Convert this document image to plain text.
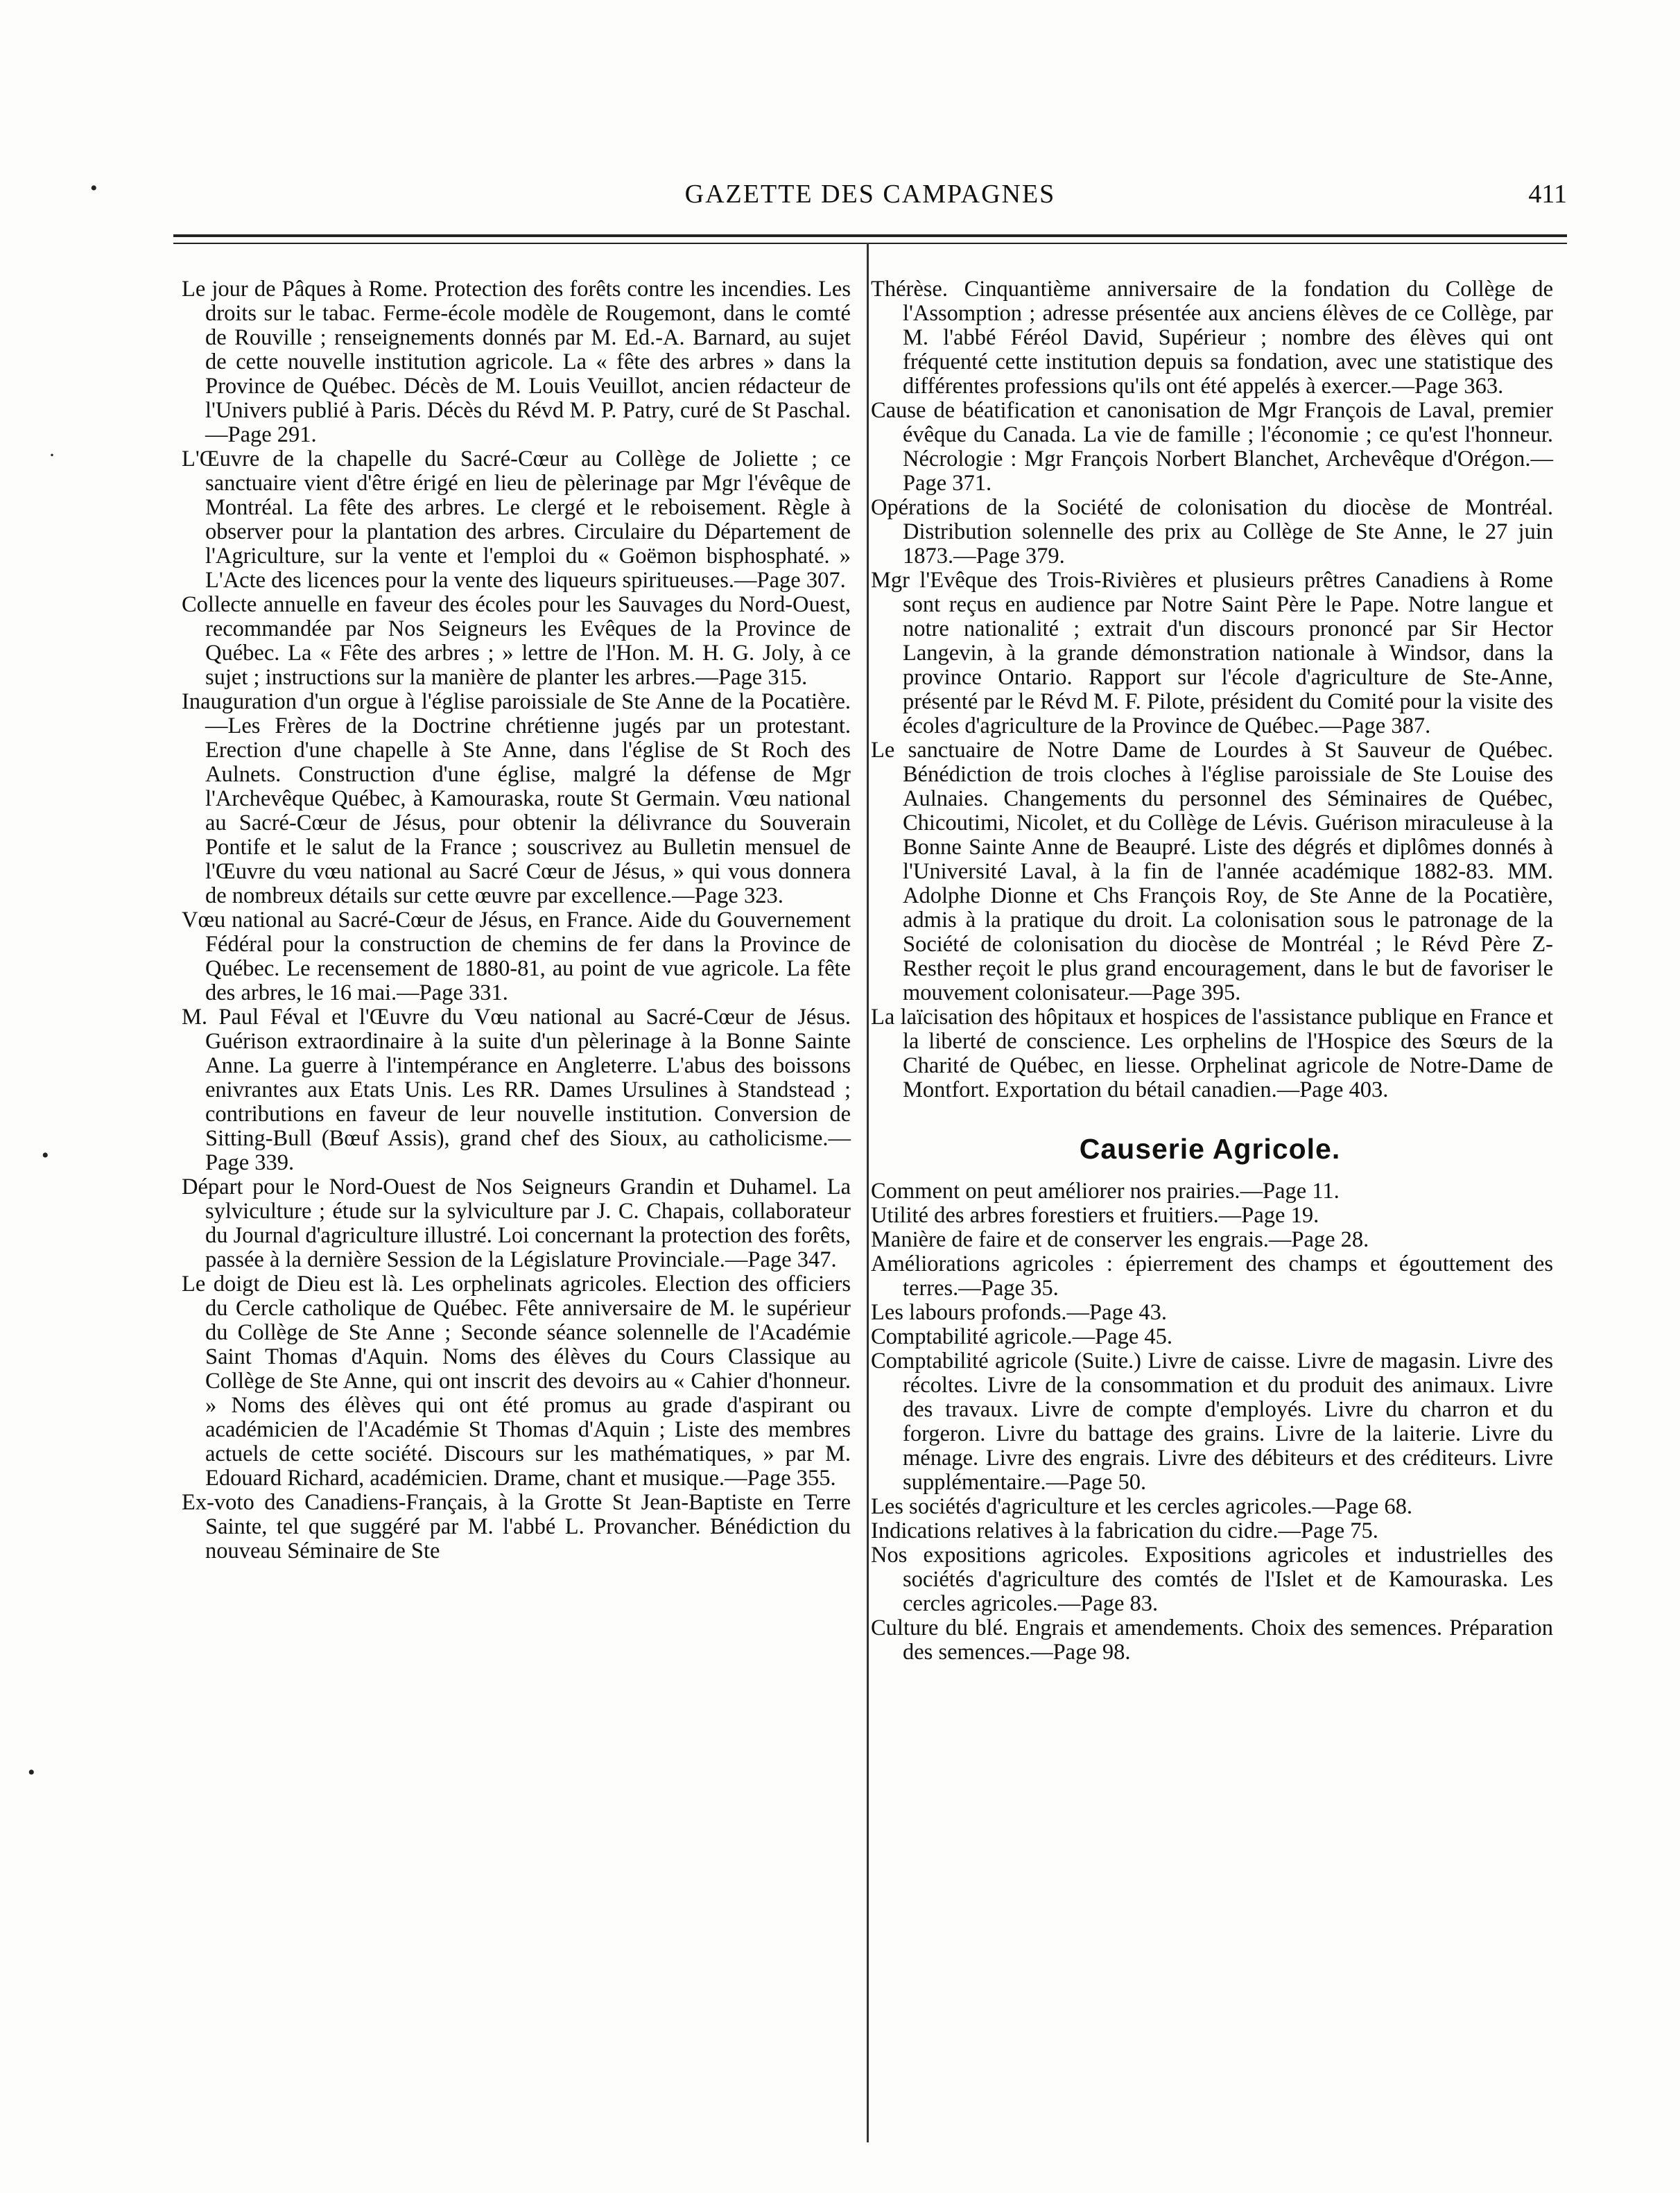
GAZETTE DES CAMPAGNES	411
•
·
•
•

Le jour de Pâques à Rome. Protection des forêts contre les incendies. Les droits sur le tabac. Ferme-école modèle de Rougemont, dans le comté de Rouville ; renseignements donnés par M. Ed.-A. Barnard, au sujet de cette nouvelle institution agricole. La « fête des arbres » dans la Province de Québec. Décès de M. Louis Veuillot, ancien rédacteur de l'Univers publié à Paris. Décès du Révd M. P. Patry, curé de St Paschal.—Page 291.

L'Œuvre de la chapelle du Sacré-Cœur au Collège de Joliette ; ce sanctuaire vient d'être érigé en lieu de pèlerinage par Mgr l'évêque de Montréal. La fête des arbres. Le clergé et le reboisement. Règle à observer pour la plantation des arbres. Circulaire du Département de l'Agriculture, sur la vente et l'emploi du « Goëmon bisphosphaté. » L'Acte des licences pour la vente des liqueurs spiritueuses.—Page 307.

Collecte annuelle en faveur des écoles pour les Sauvages du Nord-Ouest, recommandée par Nos Seigneurs les Evêques de la Province de Québec. La « Fête des arbres ; » lettre de l'Hon. M. H. G. Joly, à ce sujet ; instructions sur la manière de planter les arbres.—Page 315.

Inauguration d'un orgue à l'église paroissiale de Ste Anne de la Pocatière.—Les Frères de la Doctrine chrétienne jugés par un protestant. Erection d'une chapelle à Ste Anne, dans l'église de St Roch des Aulnets. Construction d'une église, malgré la défense de Mgr l'Archevêque Québec, à Kamouraska, route St Germain. Vœu national au Sacré-Cœur de Jésus, pour obtenir la délivrance du Souverain Pontife et le salut de la France ; souscrivez au Bulletin mensuel de l'Œuvre du vœu national au Sacré Cœur de Jésus, » qui vous donnera de nombreux détails sur cette œuvre par excellence.—Page 323.

Vœu national au Sacré-Cœur de Jésus, en France. Aide du Gouvernement Fédéral pour la construction de chemins de fer dans la Province de Québec. Le recensement de 1880-81, au point de vue agricole. La fête des arbres, le 16 mai.—Page 331.

M. Paul Féval et l'Œuvre du Vœu national au Sacré-Cœur de Jésus. Guérison extraordinaire à la suite d'un pèlerinage à la Bonne Sainte Anne. La guerre à l'intempérance en Angleterre. L'abus des boissons enivrantes aux Etats Unis. Les RR. Dames Ursulines à Standstead ; contributions en faveur de leur nouvelle institution. Conversion de Sitting-Bull (Bœuf Assis), grand chef des Sioux, au catholicisme.—Page 339.

Départ pour le Nord-Ouest de Nos Seigneurs Grandin et Duhamel. La sylviculture ; étude sur la sylviculture par J. C. Chapais, collaborateur du Journal d'agriculture illustré. Loi concernant la protection des forêts, passée à la dernière Session de la Législature Provinciale.—Page 347.

Le doigt de Dieu est là. Les orphelinats agricoles. Election des officiers du Cercle catholique de Québec. Fête anniversaire de M. le supérieur du Collège de Ste Anne ; Seconde séance solennelle de l'Académie Saint Thomas d'Aquin. Noms des élèves du Cours Classique au Collège de Ste Anne, qui ont inscrit des devoirs au « Cahier d'honneur. » Noms des élèves qui ont été promus au grade d'aspirant ou académicien de l'Académie St Thomas d'Aquin ; Liste des membres actuels de cette société. Discours sur les mathématiques, » par M. Edouard Richard, académicien. Drame, chant et musique.—Page 355.

Ex-voto des Canadiens-Français, à la Grotte St Jean-Baptiste en Terre Sainte, tel que suggéré par M. l'abbé L. Provancher. Bénédiction du nouveau Séminaire de Ste

Thérèse. Cinquantième anniversaire de la fondation du Collège de l'Assomption ; adresse présentée aux anciens élèves de ce Collège, par M. l'abbé Féréol David, Supérieur ; nombre des élèves qui ont fréquenté cette institution depuis sa fondation, avec une statistique des différentes professions qu'ils ont été appelés à exercer.—Page 363.

Cause de béatification et canonisation de Mgr François de Laval, premier évêque du Canada. La vie de famille ; l'économie ; ce qu'est l'honneur. Nécrologie : Mgr François Norbert Blanchet, Archevêque d'Orégon.—Page 371.

Opérations de la Société de colonisation du diocèse de Montréal. Distribution solennelle des prix au Collège de Ste Anne, le 27 juin 1873.—Page 379.

Mgr l'Evêque des Trois-Rivières et plusieurs prêtres Canadiens à Rome sont reçus en audience par Notre Saint Père le Pape. Notre langue et notre nationalité ; extrait d'un discours prononcé par Sir Hector Langevin, à la grande démonstration nationale à Windsor, dans la province Ontario. Rapport sur l'école d'agriculture de Ste-Anne, présenté par le Révd M. F. Pilote, président du Comité pour la visite des écoles d'agriculture de la Province de Québec.—Page 387.

Le sanctuaire de Notre Dame de Lourdes à St Sauveur de Québec. Bénédiction de trois cloches à l'église paroissiale de Ste Louise des Aulnaies. Changements du personnel des Séminaires de Québec, Chicoutimi, Nicolet, et du Collège de Lévis. Guérison miraculeuse à la Bonne Sainte Anne de Beaupré. Liste des dégrés et diplômes donnés à l'Université Laval, à la fin de l'année académique 1882-83. MM. Adolphe Dionne et Chs François Roy, de Ste Anne de la Pocatière, admis à la pratique du droit. La colonisation sous le patronage de la Société de colonisation du diocèse de Montréal ; le Révd Père Z-Resther reçoit le plus grand encouragement, dans le but de favoriser le mouvement colonisateur.—Page 395.

La laïcisation des hôpitaux et hospices de l'assistance publique en France et la liberté de conscience. Les orphelins de l'Hospice des Sœurs de la Charité de Québec, en liesse. Orphelinat agricole de Notre-Dame de Montfort. Exportation du bétail canadien.—Page 403.

Causerie Agricole.

Comment on peut améliorer nos prairies.—Page 11.

Utilité des arbres forestiers et fruitiers.—Page 19.

Manière de faire et de conserver les engrais.—Page 28.

Améliorations agricoles : épierrement des champs et égouttement des terres.—Page 35.

Les labours profonds.—Page 43.

Comptabilité agricole.—Page 45.

Comptabilité agricole (Suite.) Livre de caisse. Livre de magasin. Livre des récoltes. Livre de la consommation et du produit des animaux. Livre des travaux. Livre de compte d'employés. Livre du charron et du forgeron. Livre du battage des grains. Livre de la laiterie. Livre du ménage. Livre des engrais. Livre des débiteurs et des créditeurs. Livre supplémentaire.—Page 50.

Les sociétés d'agriculture et les cercles agricoles.—Page 68.

Indications relatives à la fabrication du cidre.—Page 75.

Nos expositions agricoles. Expositions agricoles et industrielles des sociétés d'agriculture des comtés de l'Islet et de Kamouraska. Les cercles agricoles.—Page 83.

Culture du blé. Engrais et amendements. Choix des semences. Préparation des semences.—Page 98.
